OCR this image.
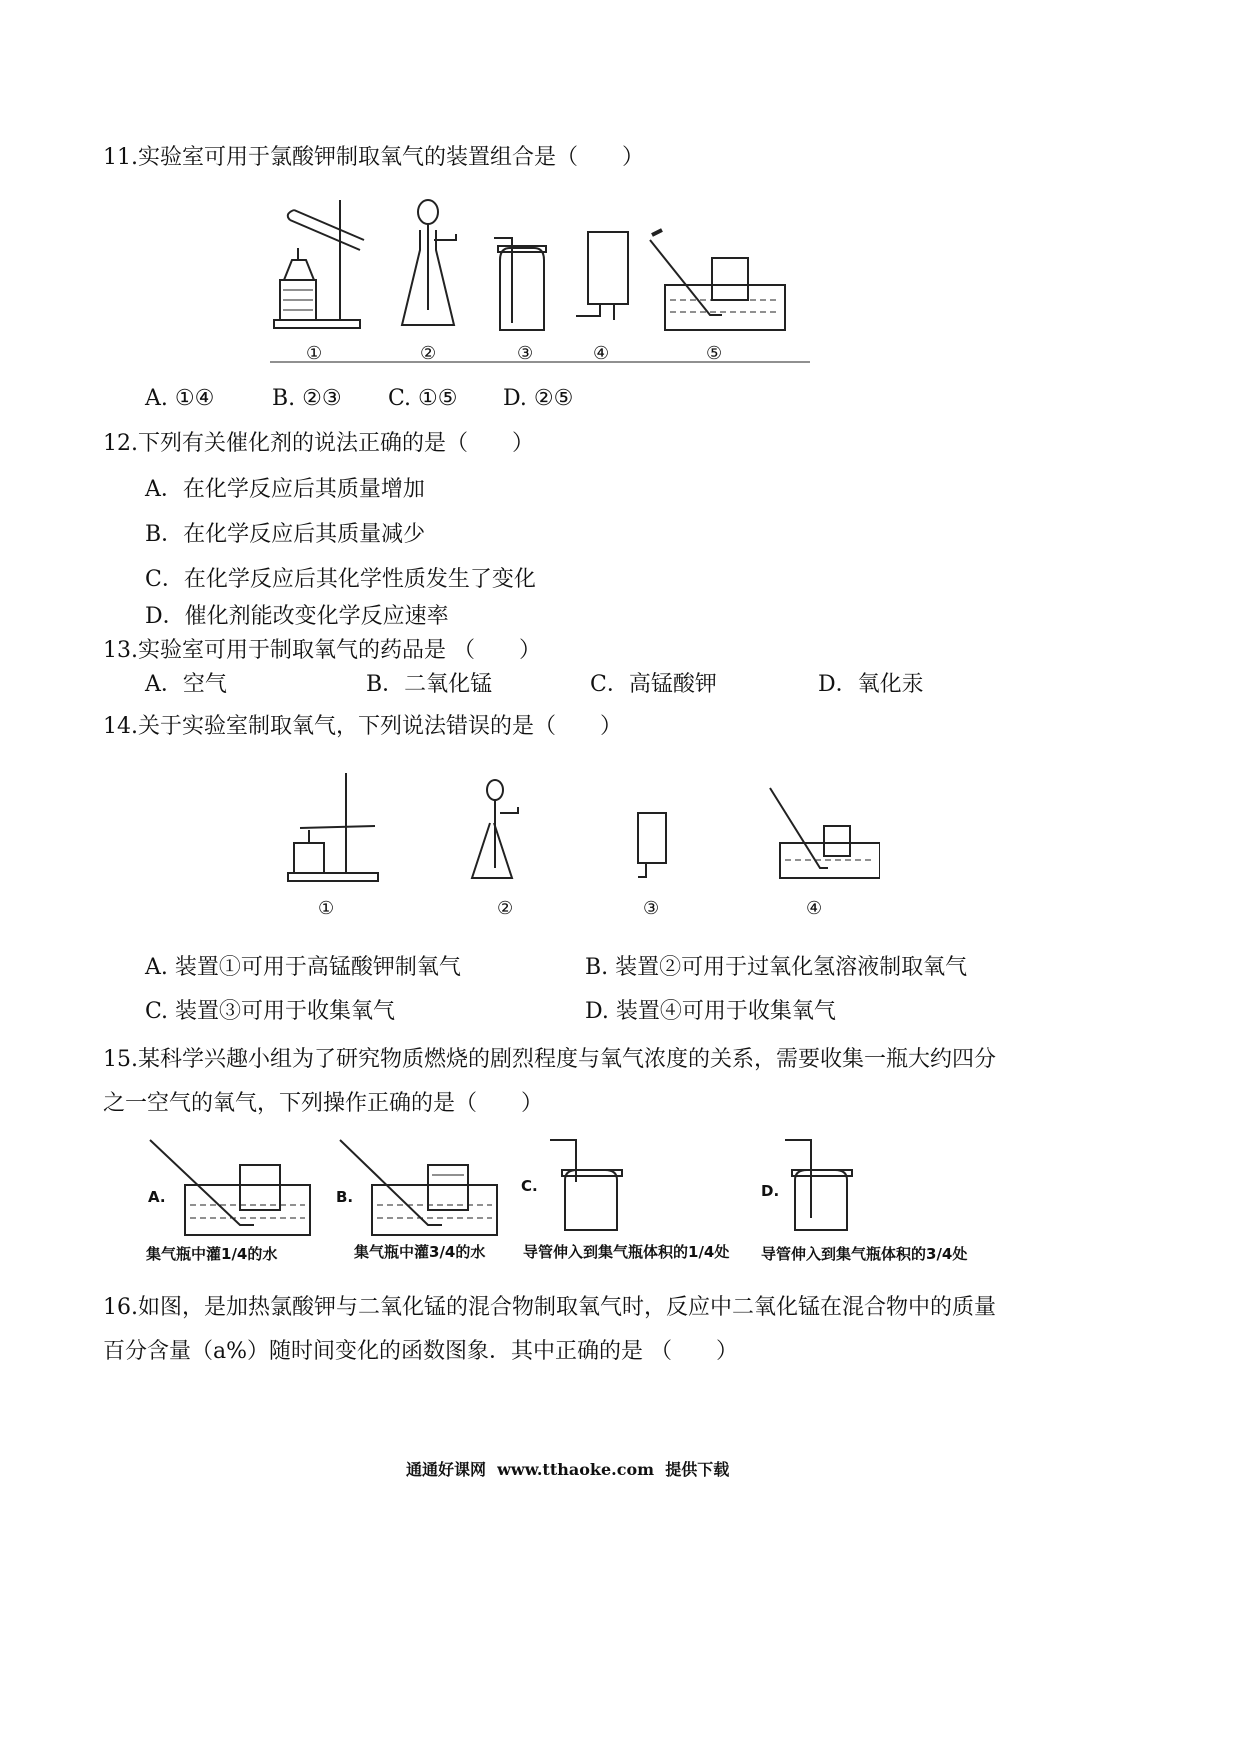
11.实验室可用于氯酸钾制取氧气的装置组合是（　　）
①	②	③	④	⑤
A. ①④	B. ②③ C. ①⑤ D. ②⑤
12.下列有关催化剂的说法正确的是（　　）
A．在化学反应后其质量增加
B．在化学反应后其质量减少
C．在化学反应后其化学性质发生了变化
D．催化剂能改变化学反应速率
13.实验室可用于制取氧气的药品是 （　　）
A．空气	B．二氧化锰	C．高锰酸钾	D．氧化汞
14.关于实验室制取氧气，下列说法错误的是（　　）
①	②	③	④
A. 装置①可用于高锰酸钾制氧气	B. 装置②可用于过氧化氢溶液制取氧气
C. 装置③可用于收集氧气	D. 装置④可用于收集氧气
15.某科学兴趣小组为了研究物质燃烧的剧烈程度与氧气浓度的关系，需要收集一瓶大约四分
之一空气的氧气，下列操作正确的是（　　）
A.	B.
C.	D.
集气瓶中灌1/4的水	集气瓶中灌3/4的水	导管伸入到集气瓶体积的1/4处 导管伸入到集气瓶体积的3/4处
16.如图，是加热氯酸钾与二氧化锰的混合物制取氧气时，反应中二氧化锰在混合物中的质量
百分含量（a%）随时间变化的函数图象．其中正确的是 （　　）
通通好课网  www.tthaoke.com  提供下载
